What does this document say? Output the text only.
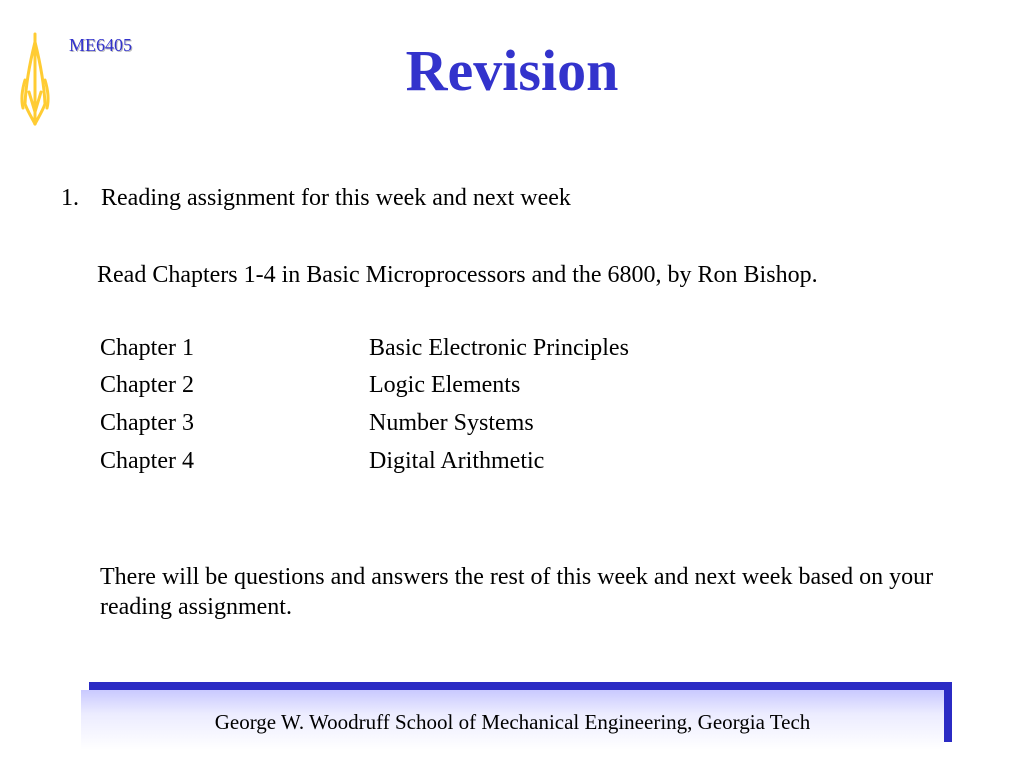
ME6405	Revision
1. Reading assignment for this week and next week
Read Chapters 1-4 in Basic Microprocessors and the 6800, by Ron Bishop.
Chapter 1	Basic Electronic Principles
Chapter 2	Logic Elements
Chapter 3	Number Systems
Chapter 4	Digital Arithmetic
There will be questions and answers the rest of this week and next week based on your reading assignment.
George W. Woodruff School of Mechanical Engineering, Georgia Tech
